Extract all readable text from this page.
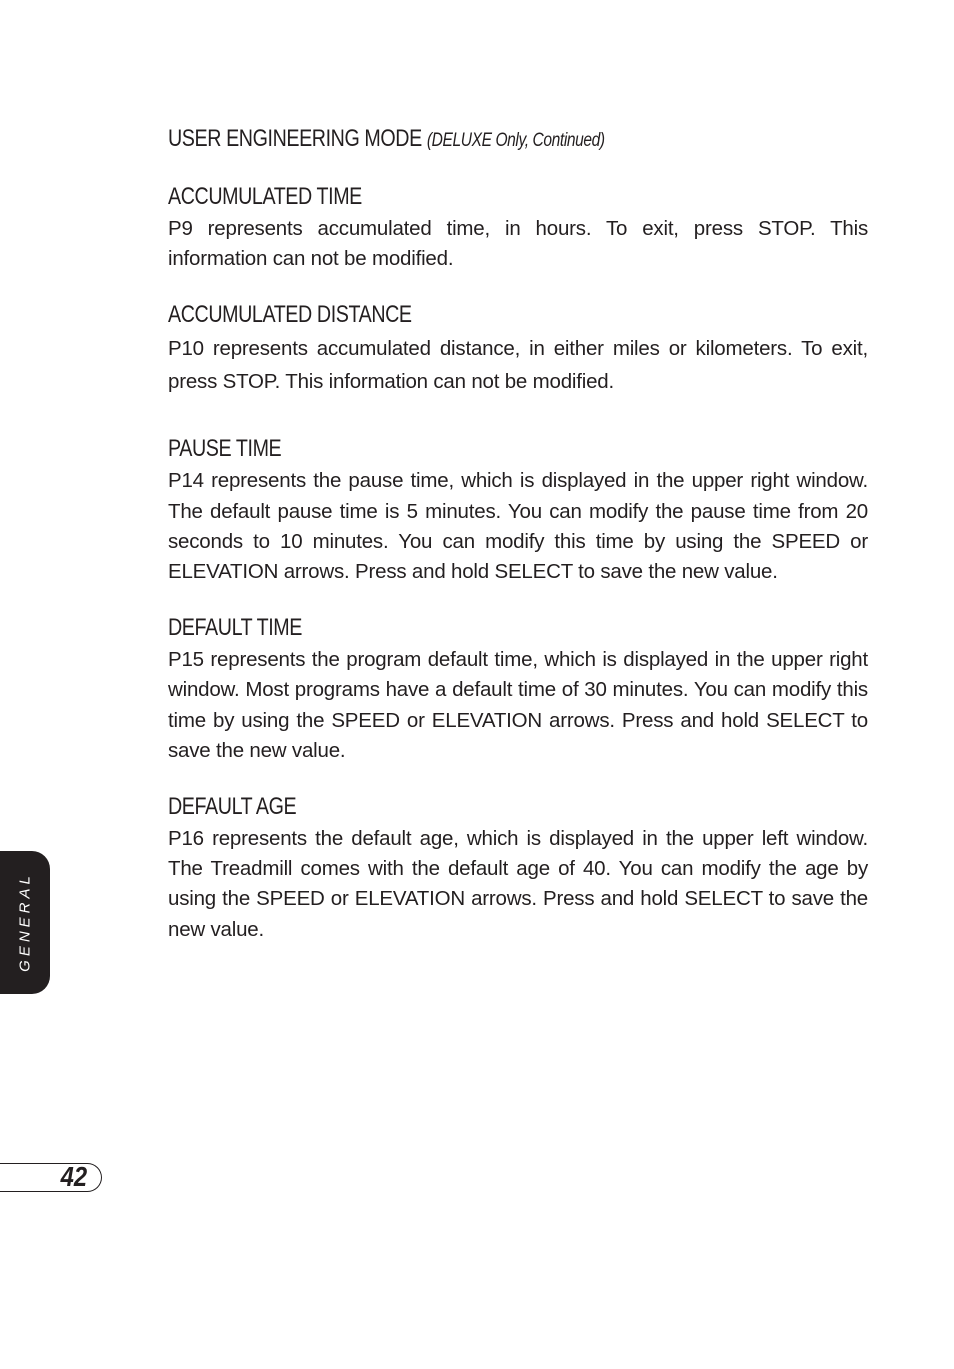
USER ENGINEERING MODE (DELUXE Only, Continued)
ACCUMULATED TIME

P9 represents accumulated time, in hours. To exit, press STOP. This information can not be modified.

ACCUMULATED DISTANCE

P10 represents accumulated distance, in either miles or kilometers. To exit, press STOP. This information can not be modified.

PAUSE TIME

P14 represents the pause time, which is displayed in the upper right window. The default pause time is 5 minutes. You can modify the pause time from 20 seconds to 10 minutes. You can modify this time by using the SPEED or ELEVATION arrows. Press and hold SELECT to save the new value.

DEFAULT TIME

P15 represents the program default time, which is displayed in the upper right window. Most programs have a default time of 30 minutes. You can modify this time by using the SPEED or ELEVATION arrows. Press and hold SELECT to save the new value.

DEFAULT AGE

P16 represents the default age, which is displayed in the upper left window. The Treadmill comes with the default age of 40. You can modify the age by using the SPEED or ELEVATION arrows. Press and hold SELECT to save the new value.

GENERAL
42
